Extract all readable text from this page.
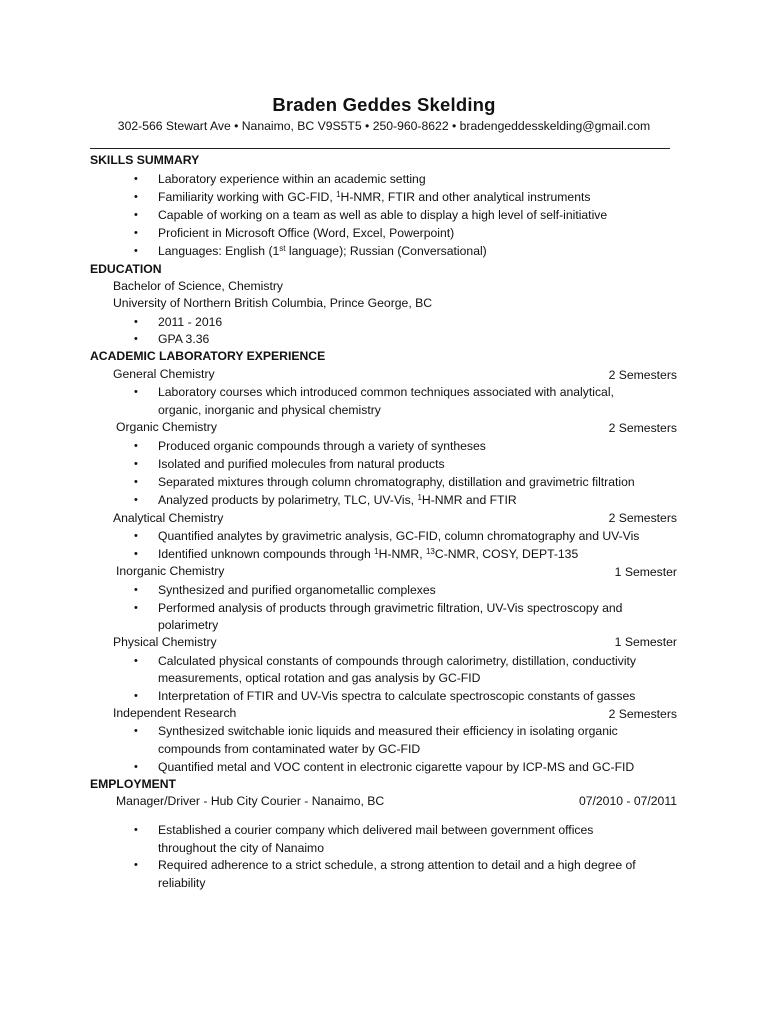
Braden Geddes Skelding
302-566 Stewart Ave • Nanaimo, BC V9S5T5 • 250-960-8622 • bradengeddesskelding@gmail.com
SKILLS SUMMARY
• Laboratory experience within an academic setting
• Familiarity working with GC-FID, $^1$H-NMR, FTIR and other analytical instruments
• Capable of working on a team as well as able to display a high level of self-initiative
• Proficient in Microsoft Office (Word, Excel, Powerpoint)
• Languages: English (1st language); Russian (Conversational)
EDUCATION
Bachelor of Science, Chemistry
University of Northern British Columbia, Prince George, BC
• 2011 - 2016
• GPA 3.36
ACADEMIC LABORATORY EXPERIENCE
General Chemistry	2 Semesters
• Laboratory courses which introduced common techniques associated with analytical,
organic, inorganic and physical chemistry
Organic Chemistry	2 Semesters
• Produced organic compounds through a variety of syntheses
• Isolated and purified molecules from natural products
• Separated mixtures through column chromatography, distillation and gravimetric filtration
• Analyzed products by polarimetry, TLC, UV-Vis, $^1$H-NMR and FTIR
Analytical Chemistry	2 Semesters
• Quantified analytes by gravimetric analysis, GC-FID, column chromatography and UV-Vis
• Identified unknown compounds through $^1$H-NMR, $^{13}$C-NMR, COSY, DEPT-135
Inorganic Chemistry	1 Semester
• Synthesized and purified organometallic complexes
• Performed analysis of products through gravimetric filtration, UV-Vis spectroscopy and
polarimetry
Physical Chemistry	1 Semester
• Calculated physical constants of compounds through calorimetry, distillation, conductivity
measurements, optical rotation and gas analysis by GC-FID
• Interpretation of FTIR and UV-Vis spectra to calculate spectroscopic constants of gasses
Independent Research	2 Semesters
• Synthesized switchable ionic liquids and measured their efficiency in isolating organic
compounds from contaminated water by GC-FID
• Quantified metal and VOC content in electronic cigarette vapour by ICP-MS and GC-FID
EMPLOYMENT
Manager/Driver - Hub City Courier - Nanaimo, BC	07/2010 - 07/2011
• Established a courier company which delivered mail between government offices
throughout the city of Nanaimo
• Required adherence to a strict schedule, a strong attention to detail and a high degree of
reliability
